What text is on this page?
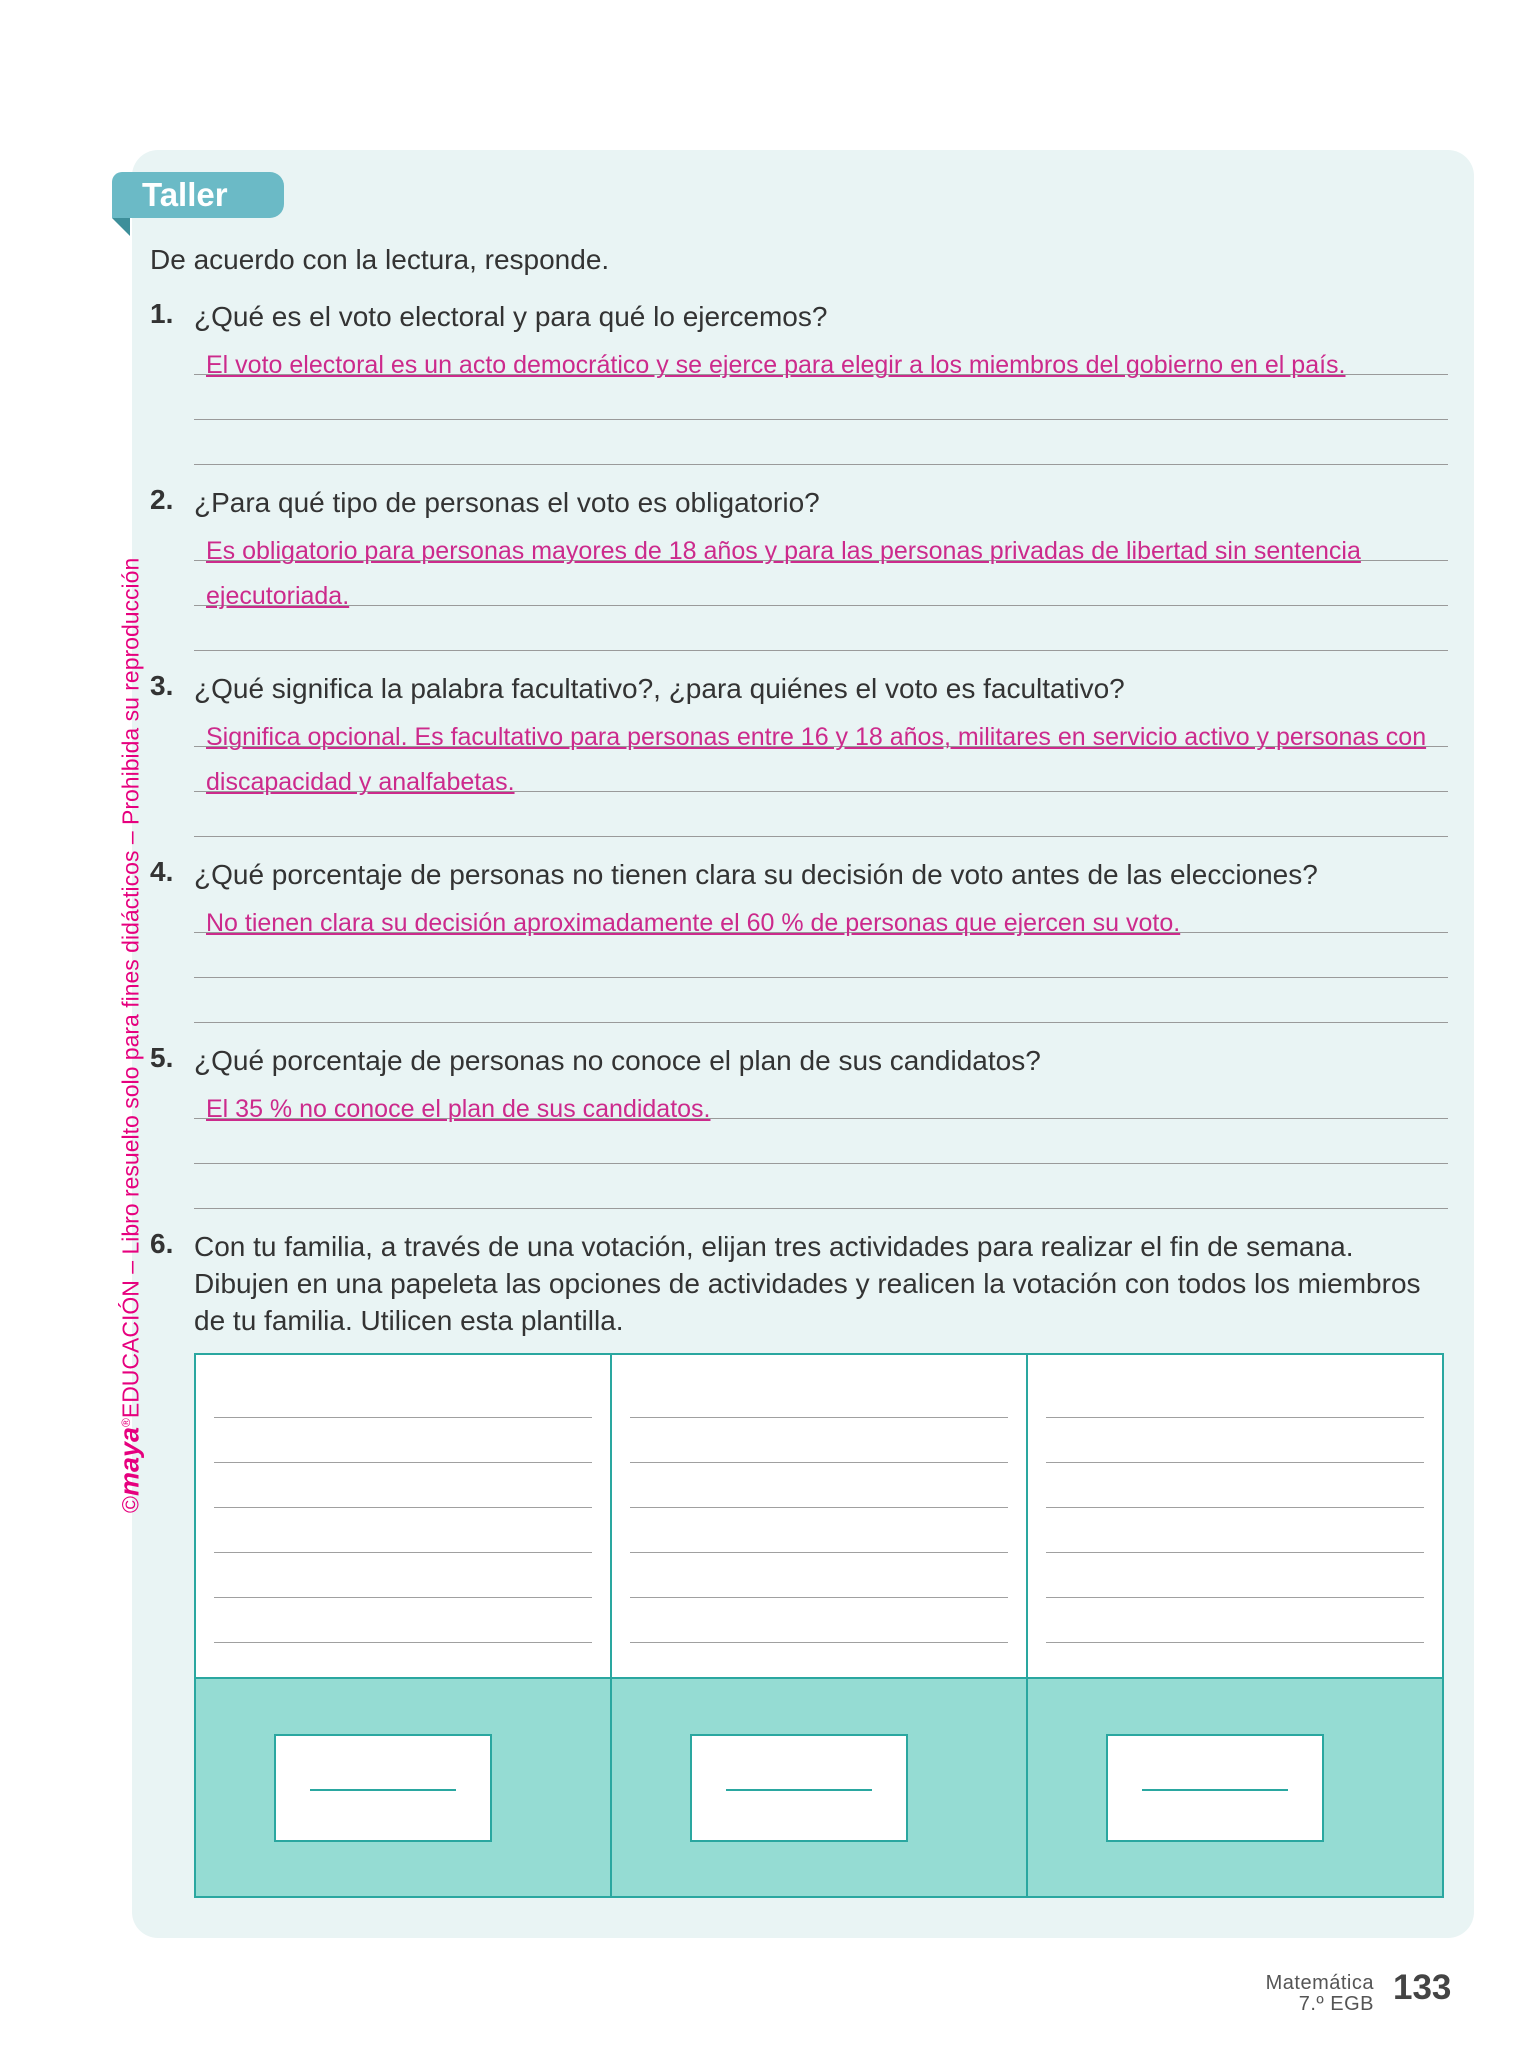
Taller
©maya®EDUCACIÓN – Libro resuelto solo para fines didácticos – Prohibida su reproducción
De acuerdo con la lectura, responde.
1. ¿Qué es el voto electoral y para qué lo ejercemos?
El voto electoral es un acto democrático y se ejerce para elegir a los miembros del gobierno en el país.
2. ¿Para qué tipo de personas el voto es obligatorio?
Es obligatorio para personas mayores de 18 años y para las personas privadas de libertad sin sentencia
ejecutoriada.
3. ¿Qué significa la palabra facultativo?, ¿para quiénes el voto es facultativo?
Significa opcional. Es facultativo para personas entre 16 y 18 años, militares en servicio activo y personas con
discapacidad y analfabetas.
4. ¿Qué porcentaje de personas no tienen clara su decisión de voto antes de las elecciones?
No tienen clara su decisión aproximadamente el 60 % de personas que ejercen su voto.
5. ¿Qué porcentaje de personas no conoce el plan de sus candidatos?
El 35 % no conoce el plan de sus candidatos.
6. Con tu familia, a través de una votación, elijan tres actividades para realizar el fin de semana. Dibujen en una papeleta las opciones de actividades y realicen la votación con todos los miembros de tu familia. Utilicen esta plantilla.
Matemática
7.º EGB 133
